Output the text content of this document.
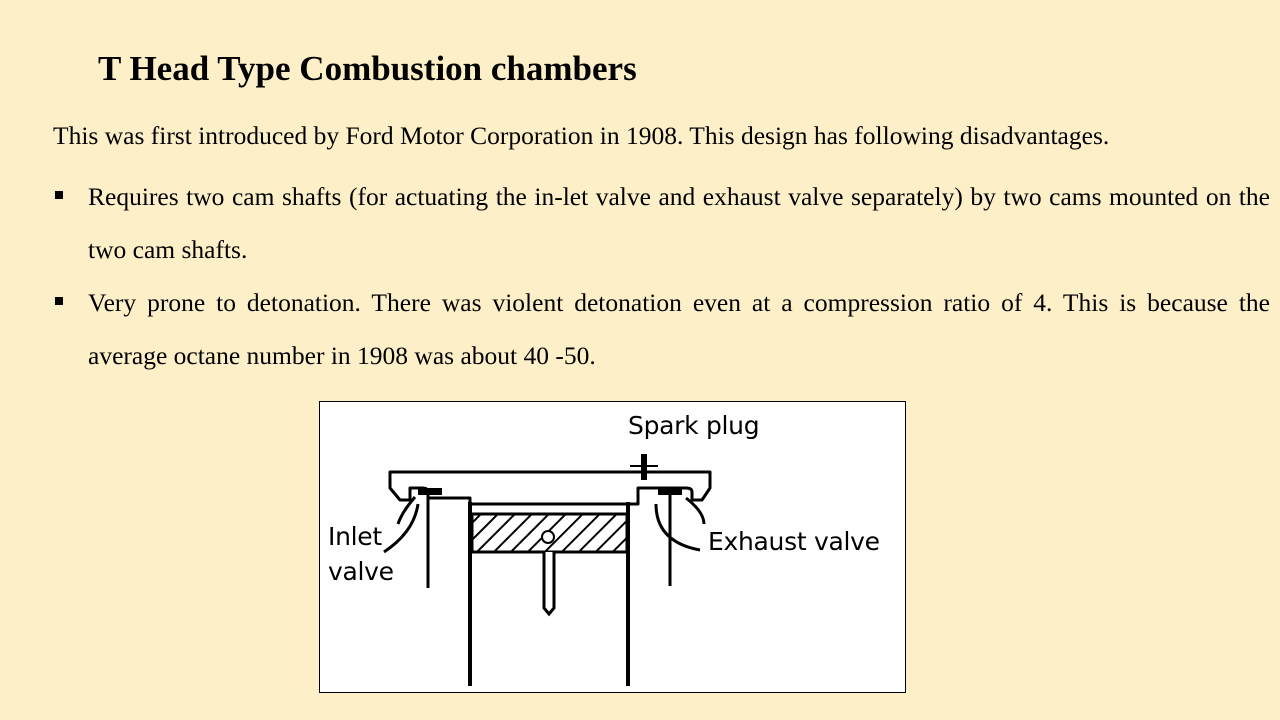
T Head Type Combustion chambers

This was first introduced by Ford Motor Corporation in 1908. This design has following disadvantages.

Requires two cam shafts (for actuating the in-let valve and exhaust valve separately) by two cams mounted on the two cam shafts.
Very prone to detonation. There was violent detonation even at a compression ratio of 4. This is because the average octane number in 1908 was about 40 -50.
Spark plug
Inlet
valve
Exhaust valve
